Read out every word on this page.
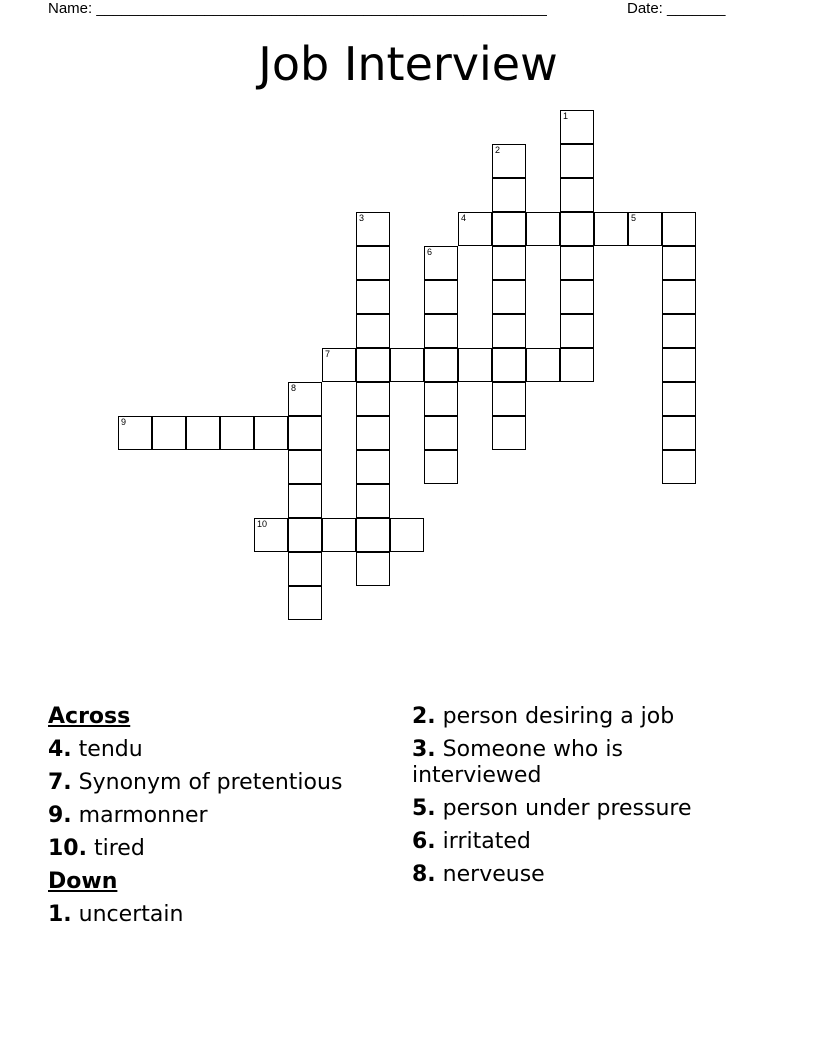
Name: ______________________________________________________	Date: _______
Job Interview
1
2
3	4	5
6
7
8
9
10
Across
4. tendu
7. Synonym of pretentious
9. marmonner
10. tired
Down
1. uncertain
2. person desiring a job
3. Someone who is interviewed
5. person under pressure
6. irritated
8. nerveuse
